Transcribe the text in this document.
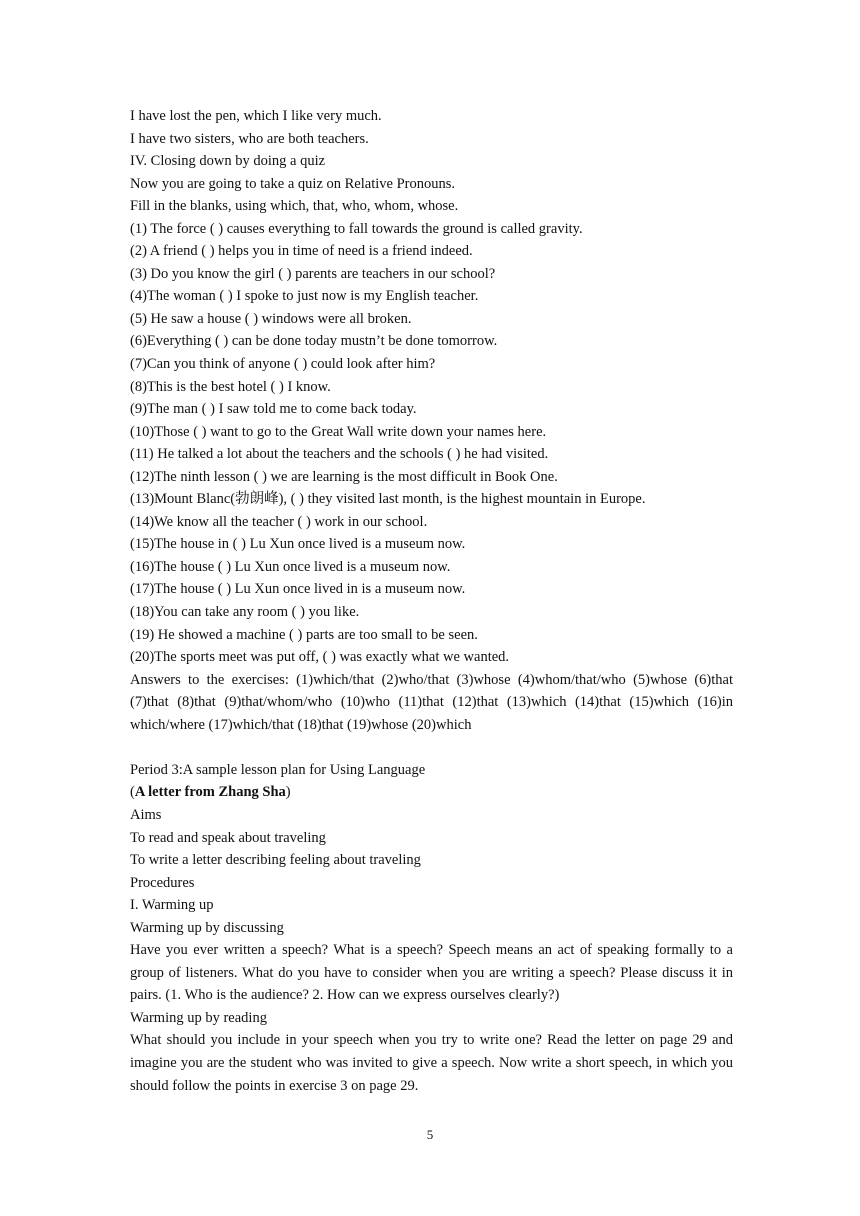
I have lost the pen, which I like very much.
I have two sisters, who are both teachers.
IV. Closing down by doing a quiz
Now you are going to take a quiz on Relative Pronouns.
Fill in the blanks, using which, that, who, whom, whose.
(1) The force ( ) causes everything to fall towards the ground is called gravity.
(2) A friend ( ) helps you in time of need is a friend indeed.
(3) Do you know the girl ( ) parents are teachers in our school?
(4)The woman ( ) I spoke to just now is my English teacher.
(5) He saw a house ( ) windows were all broken.
(6)Everything ( ) can be done today mustn’t be done tomorrow.
(7)Can you think of anyone ( ) could look after him?
(8)This is the best hotel ( ) I know.
(9)The man ( ) I saw told me to come back today.
(10)Those ( ) want to go to the Great Wall write down your names here.
(11) He talked a lot about the teachers and the schools ( ) he had visited.
(12)The ninth lesson ( ) we are learning is the most difficult in Book One.
(13)Mount Blanc(勃朗峰), ( ) they visited last month, is the highest mountain in Europe.
(14)We know all the teacher ( ) work in our school.
(15)The house in ( ) Lu Xun once lived is a museum now.
(16)The house ( ) Lu Xun once lived is a museum now.
(17)The house ( ) Lu Xun once lived in is a museum now.
(18)You can take any room ( ) you like.
(19) He showed a machine ( ) parts are too small to be seen.
(20)The sports meet was put off, ( ) was exactly what we wanted.
Answers to the exercises: (1)which/that (2)who/that (3)whose (4)whom/that/who (5)whose (6)that (7)that (8)that (9)that/whom/who (10)who (11)that (12)that (13)which (14)that (15)which (16)in which/where (17)which/that (18)that (19)whose (20)which
Period 3:A sample lesson plan for Using Language
(A letter from Zhang Sha)
Aims
To read and speak about traveling
To write a letter describing feeling about traveling
Procedures
I. Warming up
Warming up by discussing
Have you ever written a speech? What is a speech? Speech means an act of speaking formally to a group of listeners. What do you have to consider when you are writing a speech? Please discuss it in pairs. (1. Who is the audience? 2. How can we express ourselves clearly?)
Warming up by reading
What should you include in your speech when you try to write one? Read the letter on page 29 and imagine you are the student who was invited to give a speech. Now write a short speech, in which you should follow the points in exercise 3 on page 29.
5
